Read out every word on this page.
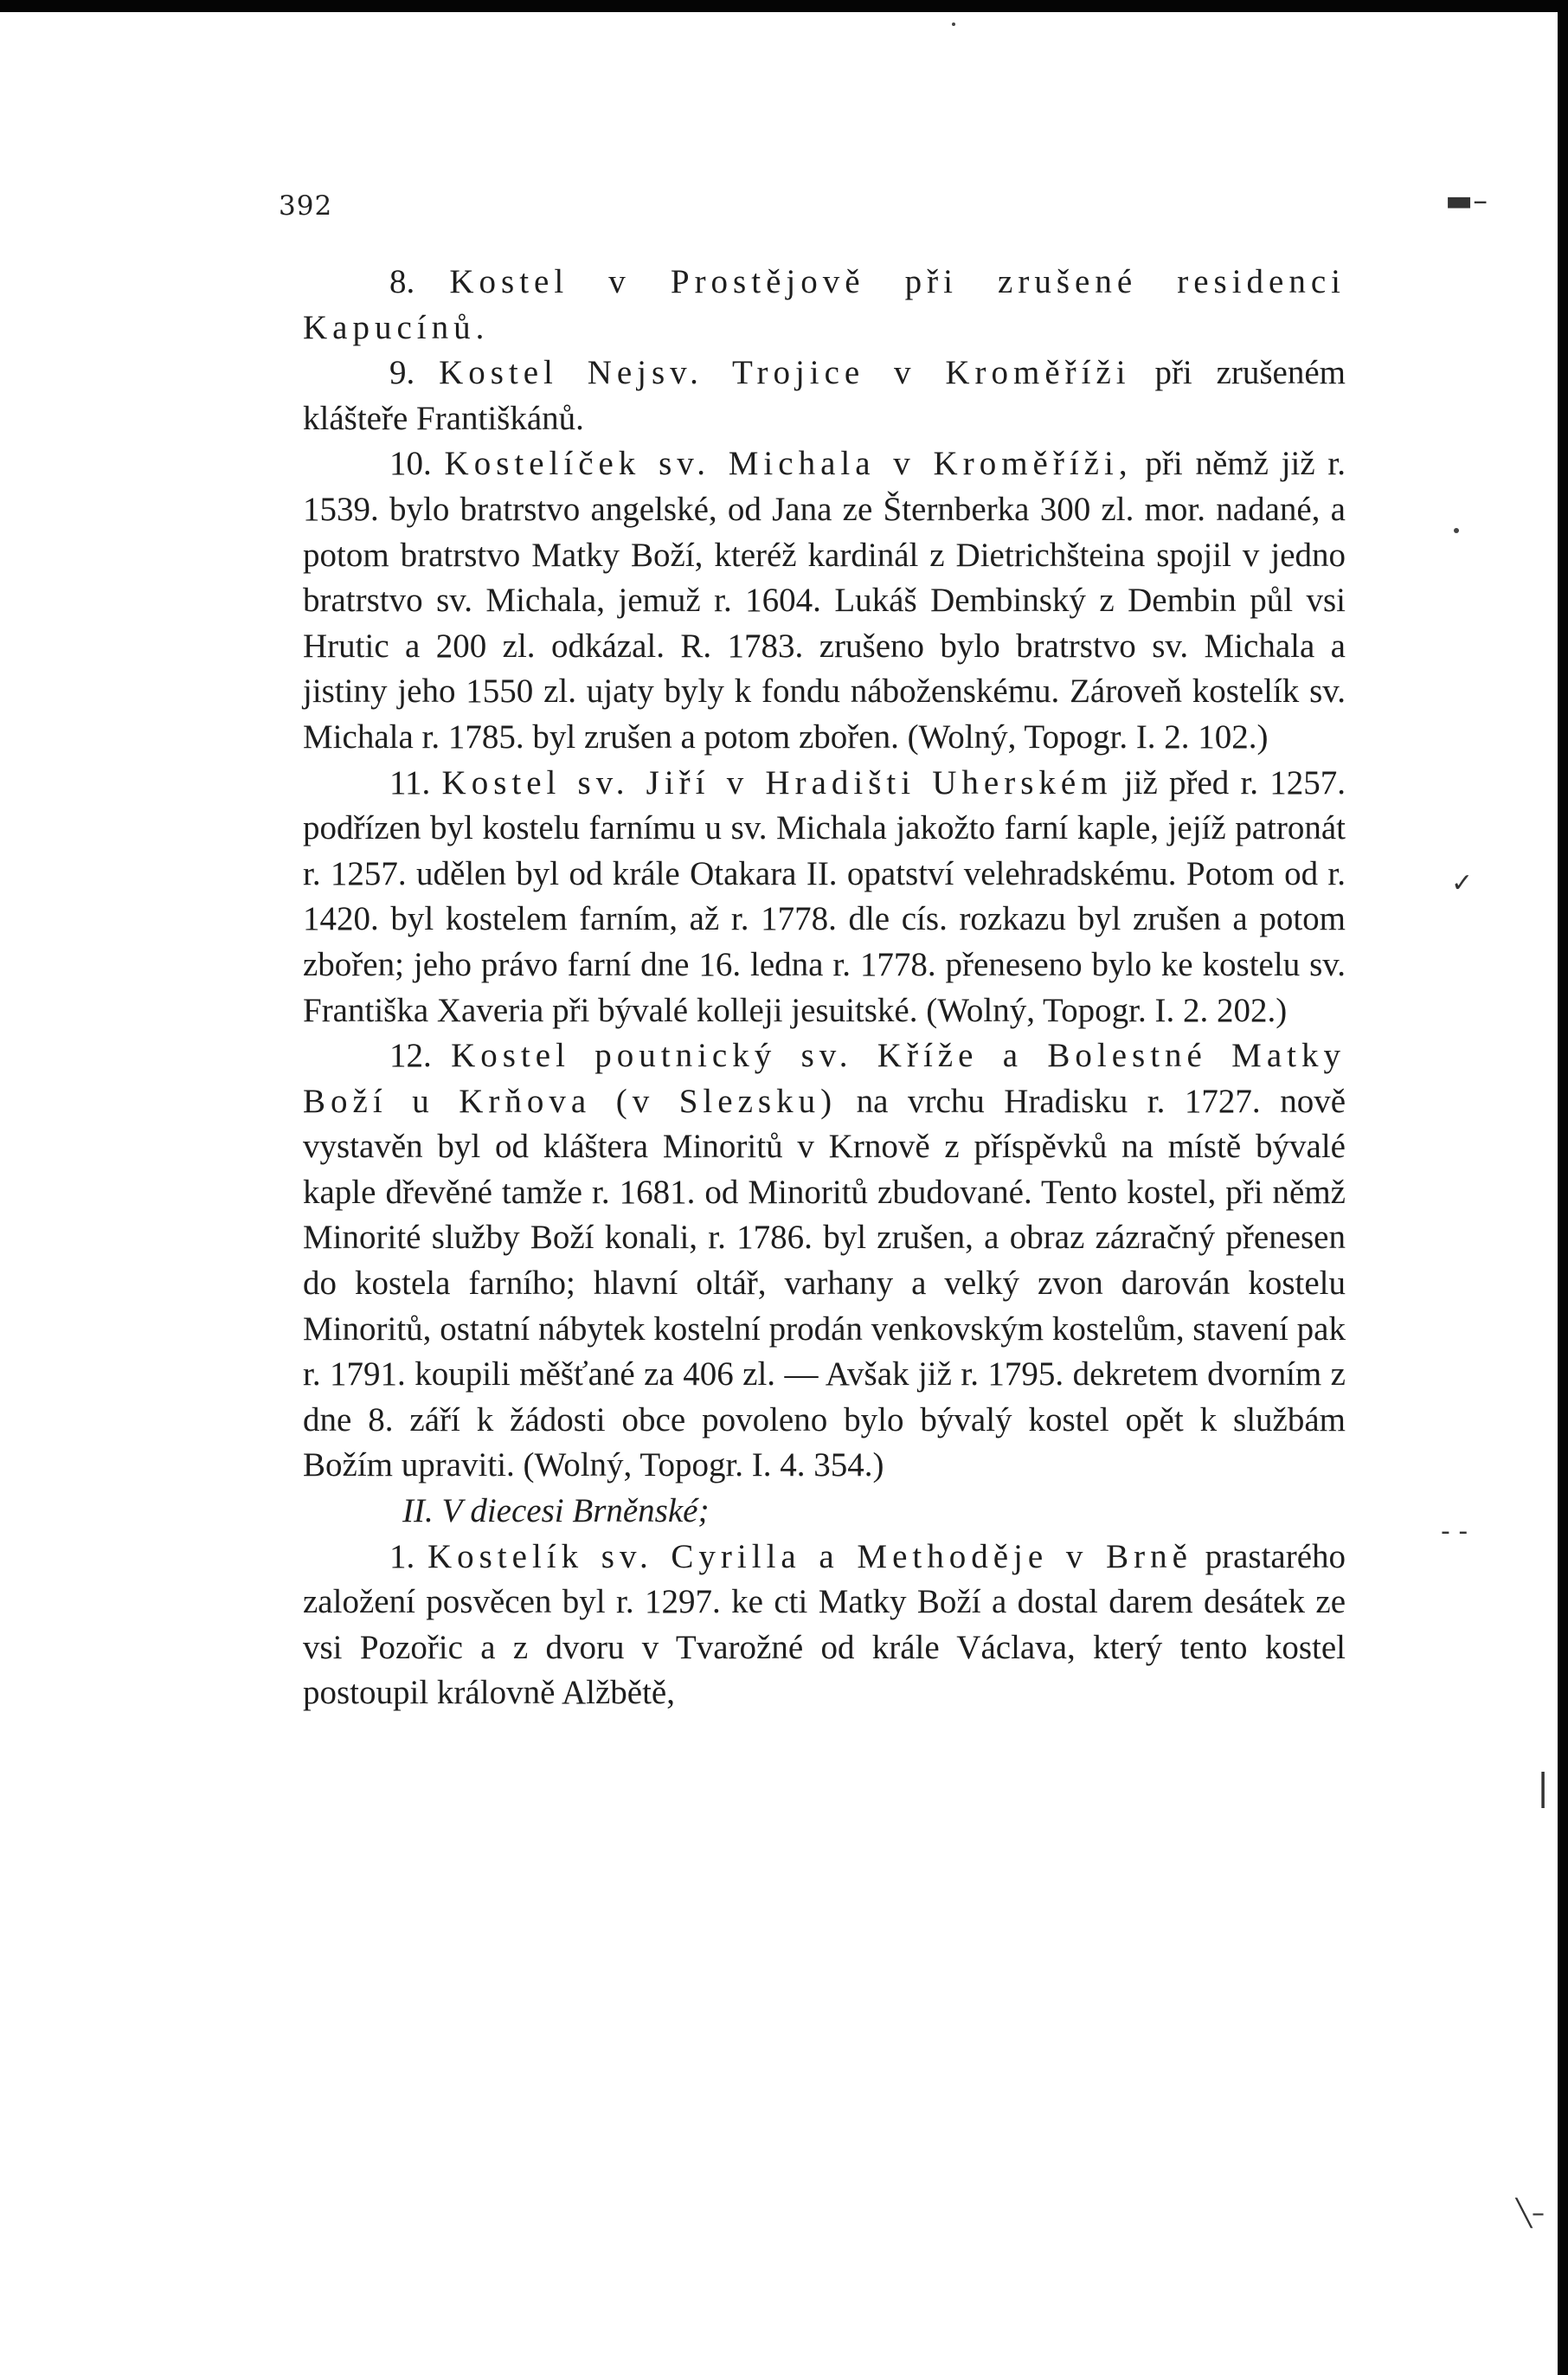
392

8. Kostel v Prostějově při zrušené residenci Kapucínů.

9. Kostel Nejsv. Trojice v Kroměříži při zrušeném klášteře Františkánů.

10. Kostelíček sv. Michala v Kroměříži, při němž již r. 1539. bylo bratrstvo angelské, od Jana ze Šternberka 300 zl. mor. nadané, a potom bratrstvo Matky Boží, kteréž kardinál z Dietrichšteina spojil v jedno bratrstvo sv. Michala, jemuž r. 1604. Lukáš Dembinský z Dembin půl vsi Hrutic a 200 zl. odkázal. R. 1783. zrušeno bylo bratrstvo sv. Michala a jistiny jeho 1550 zl. ujaty byly k fondu náboženskému. Zároveň kostelík sv. Michala r. 1785. byl zrušen a potom zbořen. (Wolný, Topogr. I. 2. 102.)

11. Kostel sv. Jiří v Hradišti Uherském již před r. 1257. podřízen byl kostelu farnímu u sv. Michala jakožto farní kaple, jejíž patronát r. 1257. udělen byl od krále Otakara II. opatství velehradskému. Potom od r. 1420. byl kostelem farním, až r. 1778. dle cís. rozkazu byl zrušen a potom zbořen; jeho právo farní dne 16. ledna r. 1778. přeneseno bylo ke kostelu sv. Františka Xaveria při bývalé kolleji jesuitské. (Wolný, Topogr. I. 2. 202.)

12. Kostel poutnický sv. Kříže a Bolestné Matky Boží u Krňova (v Slezsku) na vrchu Hradisku r. 1727. nově vystavěn byl od kláštera Minoritů v Krnově z příspěvků na místě bývalé kaple dřevěné tamže r. 1681. od Minoritů zbudované. Tento kostel, při němž Minorité služby Boží konali, r. 1786. byl zrušen, a obraz zázračný přenesen do kostela farního; hlavní oltář, varhany a velký zvon darován kostelu Minoritů, ostatní nábytek kostelní prodán venkovským kostelům, stavení pak r. 1791. koupili měšťané za 406 zl. — Avšak již r. 1795. dekretem dvorním z dne 8. září k žádosti obce povoleno bylo bývalý kostel opět k službám Božím upraviti. (Wolný, Topogr. I. 4. 354.)

II. V diecesi Brněnské;

1. Kostelík sv. Cyrilla a Methoděje v Brně prastarého založení posvěcen byl r. 1297. ke cti Matky Boží a dostal darem desátek ze vsi Pozořic a z dvoru v Tvarožné od krále Václava, který tento kostel postoupil královně Alžbětě,

▬–
✓
- -
|
╲–
